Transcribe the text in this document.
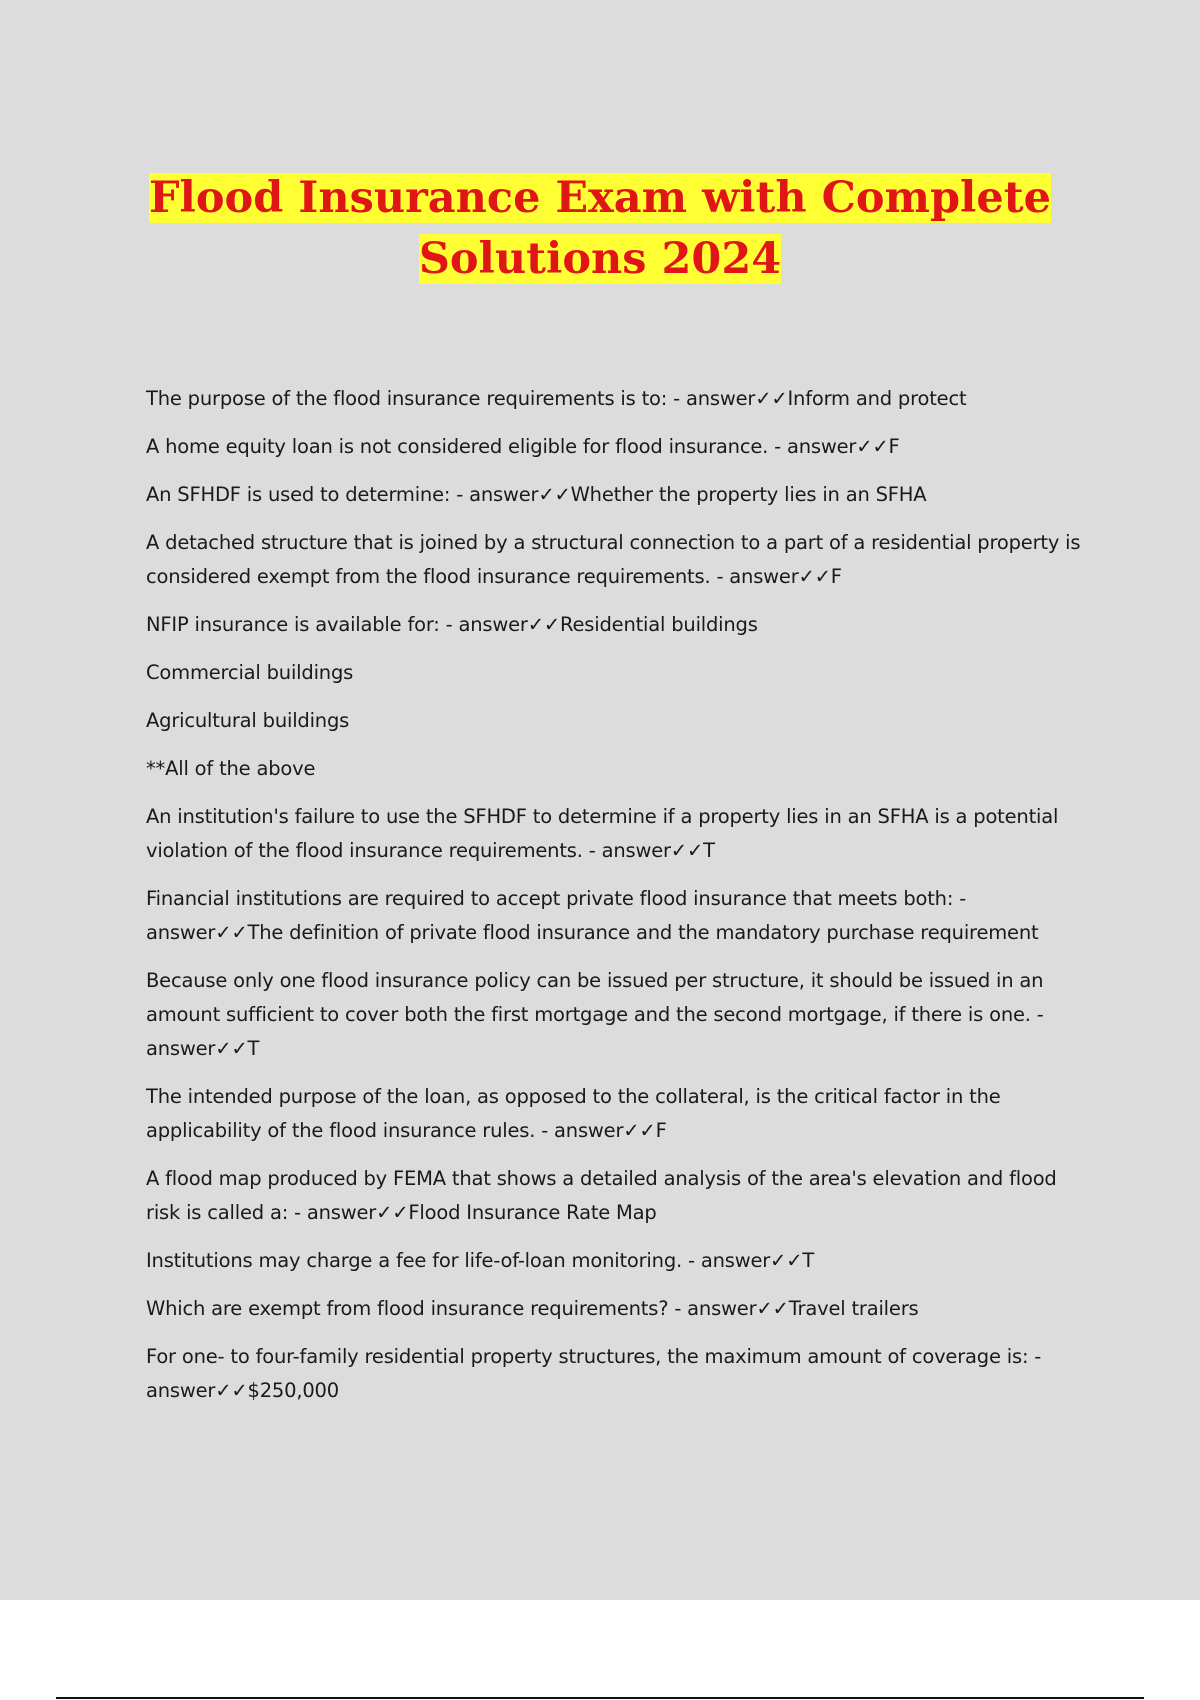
Flood Insurance Exam with Complete
Solutions 2024

The purpose of the flood insurance requirements is to: - answer✓✓Inform and protect

A home equity loan is not considered eligible for flood insurance. - answer✓✓F

An SFHDF is used to determine: - answer✓✓Whether the property lies in an SFHA

A detached structure that is joined by a structural connection to a part of a residential property is considered exempt from the flood insurance requirements. - answer✓✓F

NFIP insurance is available for: - answer✓✓Residential buildings

Commercial buildings

Agricultural buildings

**All of the above

An institution's failure to use the SFHDF to determine if a property lies in an SFHA is a potential violation of the flood insurance requirements. - answer✓✓T

Financial institutions are required to accept private flood insurance that meets both: - answer✓✓The definition of private flood insurance and the mandatory purchase requirement

Because only one flood insurance policy can be issued per structure, it should be issued in an amount sufficient to cover both the first mortgage and the second mortgage, if there is one. - answer✓✓T

The intended purpose of the loan, as opposed to the collateral, is the critical factor in the applicability of the flood insurance rules. - answer✓✓F

A flood map produced by FEMA that shows a detailed analysis of the area's elevation and flood risk is called a: - answer✓✓Flood Insurance Rate Map

Institutions may charge a fee for life-of-loan monitoring. - answer✓✓T

Which are exempt from flood insurance requirements? - answer✓✓Travel trailers

For one- to four-family residential property structures, the maximum amount of coverage is: - answer✓✓$250,000
